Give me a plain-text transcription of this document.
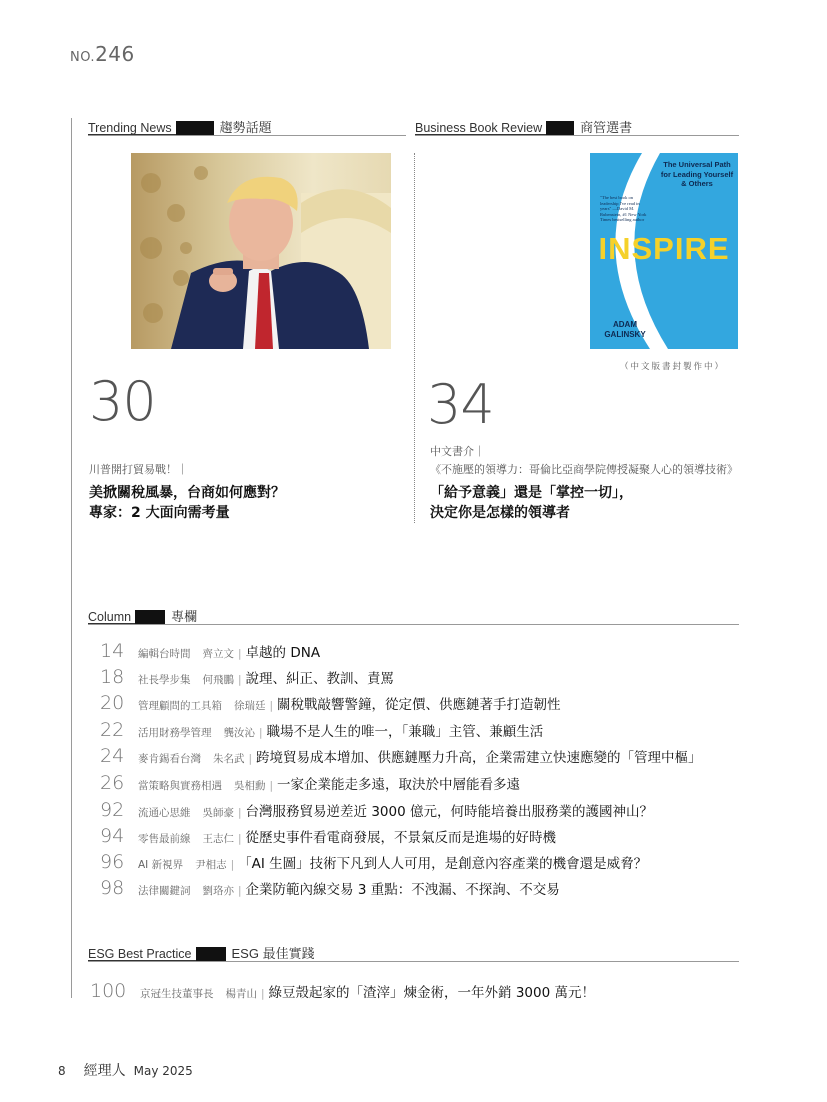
NO.246
Trending News	趨勢話題	Business Book Review	商管選書
The Universal Path for Leading Yourself & Others
"The best book on leadership I've read in years" —David M. Rubenstein, #1 New York Times bestselling author
INSPIRE
ADAM
GALINSKY
（中文版書封製作中）
30
川普開打貿易戰！｜
美掀關稅風暴，台商如何應對？
專家：2 大面向需考量
34
中文書介｜
《不施壓的領導力：哥倫比亞商學院傳授凝聚人心的領導技術》
「給予意義」還是「掌控一切」，
決定你是怎樣的領導者
Column	專欄
14	編輯台時間 齊立文 | 卓越的 DNA
18	社長學步集 何飛鵬 | 說理、糾正、教訓、責罵
20	管理顧問的工具箱 徐瑞廷 | 關稅戰敲響警鐘，從定價、供應鏈著手打造韌性
22	活用財務學管理 龔汝沁 | 職場不是人生的唯一，「兼職」主管、兼顧生活
24	麥肯錫看台灣 朱名武 | 跨境貿易成本增加、供應鏈壓力升高，企業需建立快速應變的「管理中樞」
26	當策略與實務相遇 吳相勳 | 一家企業能走多遠，取決於中層能看多遠
92	流通心思維 吳師豪 | 台灣服務貿易逆差近 3000 億元，何時能培養出服務業的護國神山？
94	零售最前線 王志仁 | 從歷史事件看電商發展，不景氣反而是進場的好時機
96	AI 新視界 尹相志 | 「AI 生圖」技術下凡到人人可用，是創意內容產業的機會還是威脅？
98	法律關鍵詞 劉珞亦 | 企業防範內線交易 3 重點：不洩漏、不探詢、不交易
ESG Best Practice	ESG 最佳實踐
100	京冠生技董事長 楊青山 | 綠豆殼起家的「渣滓」煉金術，一年外銷 3000 萬元！
8 經理人 May 2025
